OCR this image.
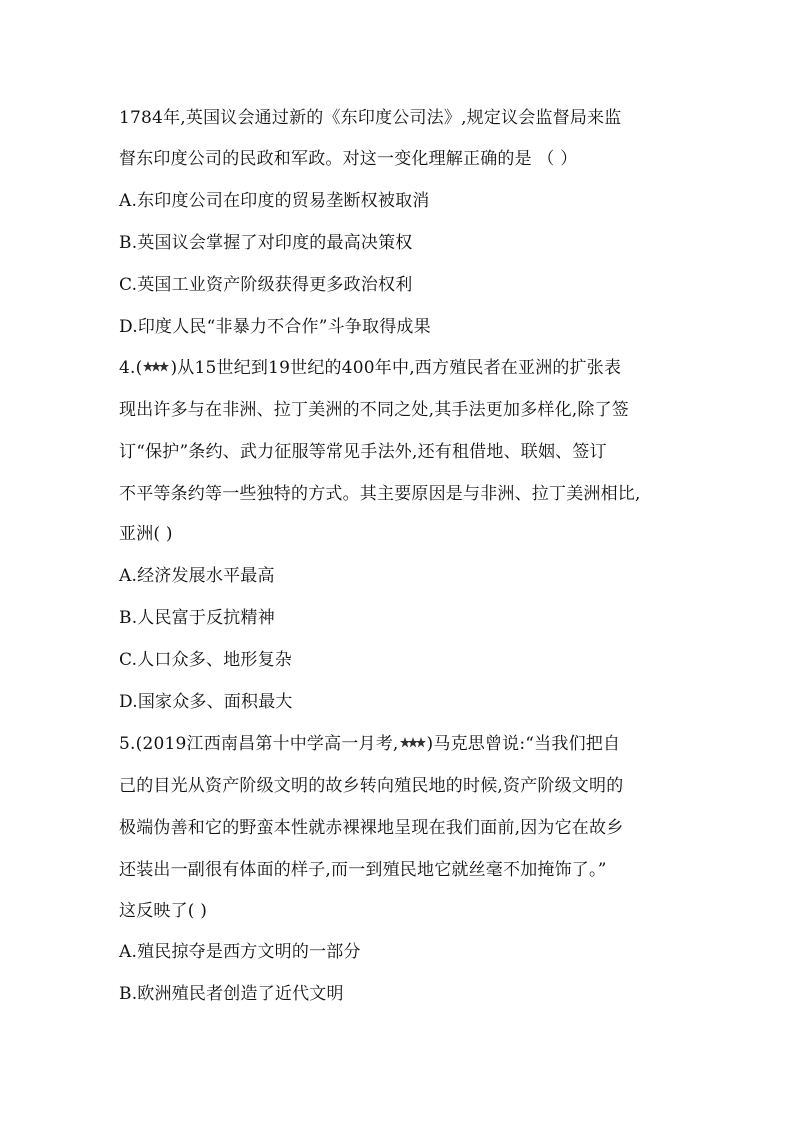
1784年,英国议会通过新的《东印度公司法》,规定议会监督局来监
督东印度公司的民政和军政。对这一变化理解正确的是 （ ）
A.东印度公司在印度的贸易垄断权被取消
B.英国议会掌握了对印度的最高决策权
C.英国工业资产阶级获得更多政治权利
D.印度人民“非暴力不合作”斗争取得成果
4.( )从15世纪到19世纪的400年中,西方殖民者在亚洲的扩张表
现出许多与在非洲、拉丁美洲的不同之处,其手法更加多样化,除了签
订“保护”条约、武力征服等常见手法外,还有租借地、联姻、签订
不平等条约等一些独特的方式。其主要原因是与非洲、拉丁美洲相比,
亚洲( )
A.经济发展水平最高
B.人民富于反抗精神
C.人口众多、地形复杂
D.国家众多、面积最大
5.(2019江西南昌第十中学高一月考, )马克思曾说:“当我们把自
己的目光从资产阶级文明的故乡转向殖民地的时候,资产阶级文明的
极端伪善和它的野蛮本性就赤裸裸地呈现在我们面前,因为它在故乡
还装出一副很有体面的样子,而一到殖民地它就丝毫不加掩饰了。”
这反映了( )
A.殖民掠夺是西方文明的一部分
B.欧洲殖民者创造了近代文明
